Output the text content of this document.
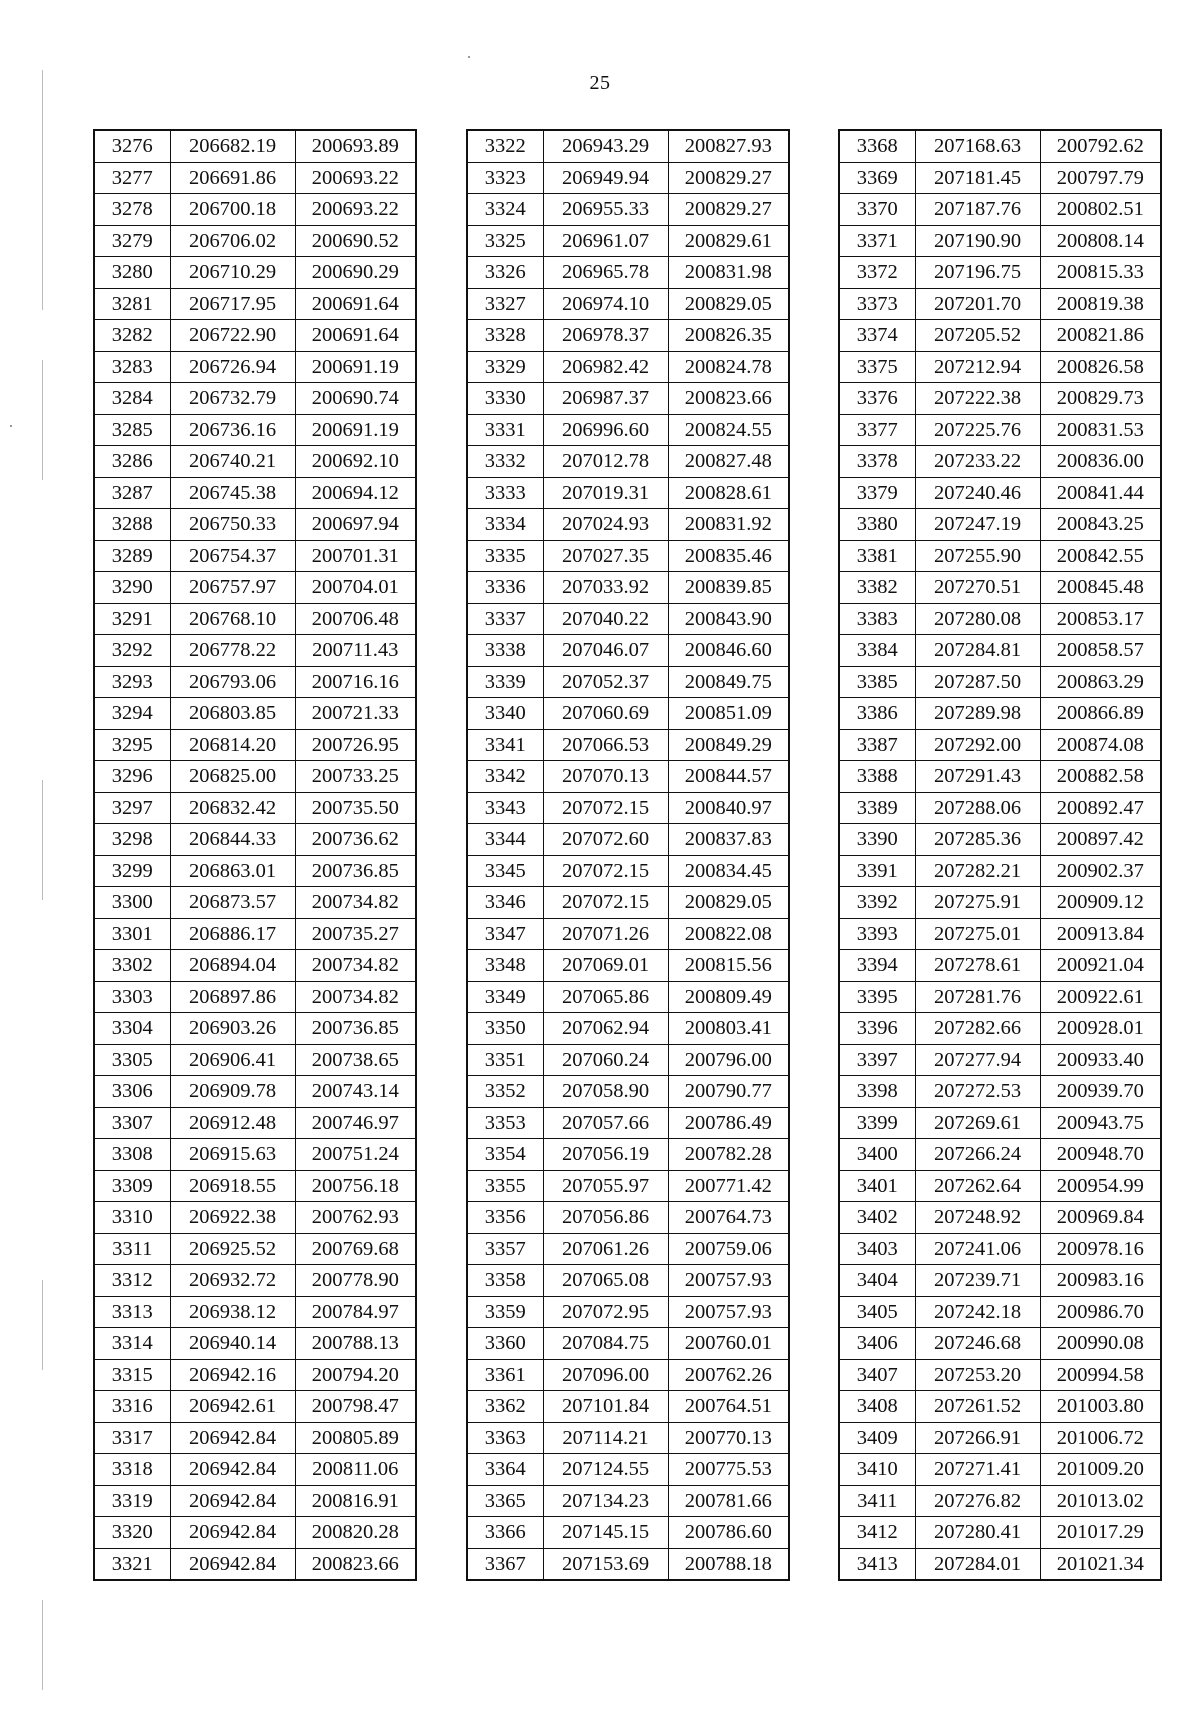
25
3276	206682.19	200693.89
3277	206691.86	200693.22
3278	206700.18	200693.22
3279	206706.02	200690.52
3280	206710.29	200690.29
3281	206717.95	200691.64
3282	206722.90	200691.64
3283	206726.94	200691.19
3284	206732.79	200690.74
3285	206736.16	200691.19
3286	206740.21	200692.10
3287	206745.38	200694.12
3288	206750.33	200697.94
3289	206754.37	200701.31
3290	206757.97	200704.01
3291	206768.10	200706.48
3292	206778.22	200711.43
3293	206793.06	200716.16
3294	206803.85	200721.33
3295	206814.20	200726.95
3296	206825.00	200733.25
3297	206832.42	200735.50
3298	206844.33	200736.62
3299	206863.01	200736.85
3300	206873.57	200734.82
3301	206886.17	200735.27
3302	206894.04	200734.82
3303	206897.86	200734.82
3304	206903.26	200736.85
3305	206906.41	200738.65
3306	206909.78	200743.14
3307	206912.48	200746.97
3308	206915.63	200751.24
3309	206918.55	200756.18
3310	206922.38	200762.93
3311	206925.52	200769.68
3312	206932.72	200778.90
3313	206938.12	200784.97
3314	206940.14	200788.13
3315	206942.16	200794.20
3316	206942.61	200798.47
3317	206942.84	200805.89
3318	206942.84	200811.06
3319	206942.84	200816.91
3320	206942.84	200820.28
3321	206942.84	200823.66
3322	206943.29	200827.93
3323	206949.94	200829.27
3324	206955.33	200829.27
3325	206961.07	200829.61
3326	206965.78	200831.98
3327	206974.10	200829.05
3328	206978.37	200826.35
3329	206982.42	200824.78
3330	206987.37	200823.66
3331	206996.60	200824.55
3332	207012.78	200827.48
3333	207019.31	200828.61
3334	207024.93	200831.92
3335	207027.35	200835.46
3336	207033.92	200839.85
3337	207040.22	200843.90
3338	207046.07	200846.60
3339	207052.37	200849.75
3340	207060.69	200851.09
3341	207066.53	200849.29
3342	207070.13	200844.57
3343	207072.15	200840.97
3344	207072.60	200837.83
3345	207072.15	200834.45
3346	207072.15	200829.05
3347	207071.26	200822.08
3348	207069.01	200815.56
3349	207065.86	200809.49
3350	207062.94	200803.41
3351	207060.24	200796.00
3352	207058.90	200790.77
3353	207057.66	200786.49
3354	207056.19	200782.28
3355	207055.97	200771.42
3356	207056.86	200764.73
3357	207061.26	200759.06
3358	207065.08	200757.93
3359	207072.95	200757.93
3360	207084.75	200760.01
3361	207096.00	200762.26
3362	207101.84	200764.51
3363	207114.21	200770.13
3364	207124.55	200775.53
3365	207134.23	200781.66
3366	207145.15	200786.60
3367	207153.69	200788.18
3368	207168.63	200792.62
3369	207181.45	200797.79
3370	207187.76	200802.51
3371	207190.90	200808.14
3372	207196.75	200815.33
3373	207201.70	200819.38
3374	207205.52	200821.86
3375	207212.94	200826.58
3376	207222.38	200829.73
3377	207225.76	200831.53
3378	207233.22	200836.00
3379	207240.46	200841.44
3380	207247.19	200843.25
3381	207255.90	200842.55
3382	207270.51	200845.48
3383	207280.08	200853.17
3384	207284.81	200858.57
3385	207287.50	200863.29
3386	207289.98	200866.89
3387	207292.00	200874.08
3388	207291.43	200882.58
3389	207288.06	200892.47
3390	207285.36	200897.42
3391	207282.21	200902.37
3392	207275.91	200909.12
3393	207275.01	200913.84
3394	207278.61	200921.04
3395	207281.76	200922.61
3396	207282.66	200928.01
3397	207277.94	200933.40
3398	207272.53	200939.70
3399	207269.61	200943.75
3400	207266.24	200948.70
3401	207262.64	200954.99
3402	207248.92	200969.84
3403	207241.06	200978.16
3404	207239.71	200983.16
3405	207242.18	200986.70
3406	207246.68	200990.08
3407	207253.20	200994.58
3408	207261.52	201003.80
3409	207266.91	201006.72
3410	207271.41	201009.20
3411	207276.82	201013.02
3412	207280.41	201017.29
3413	207284.01	201021.34
